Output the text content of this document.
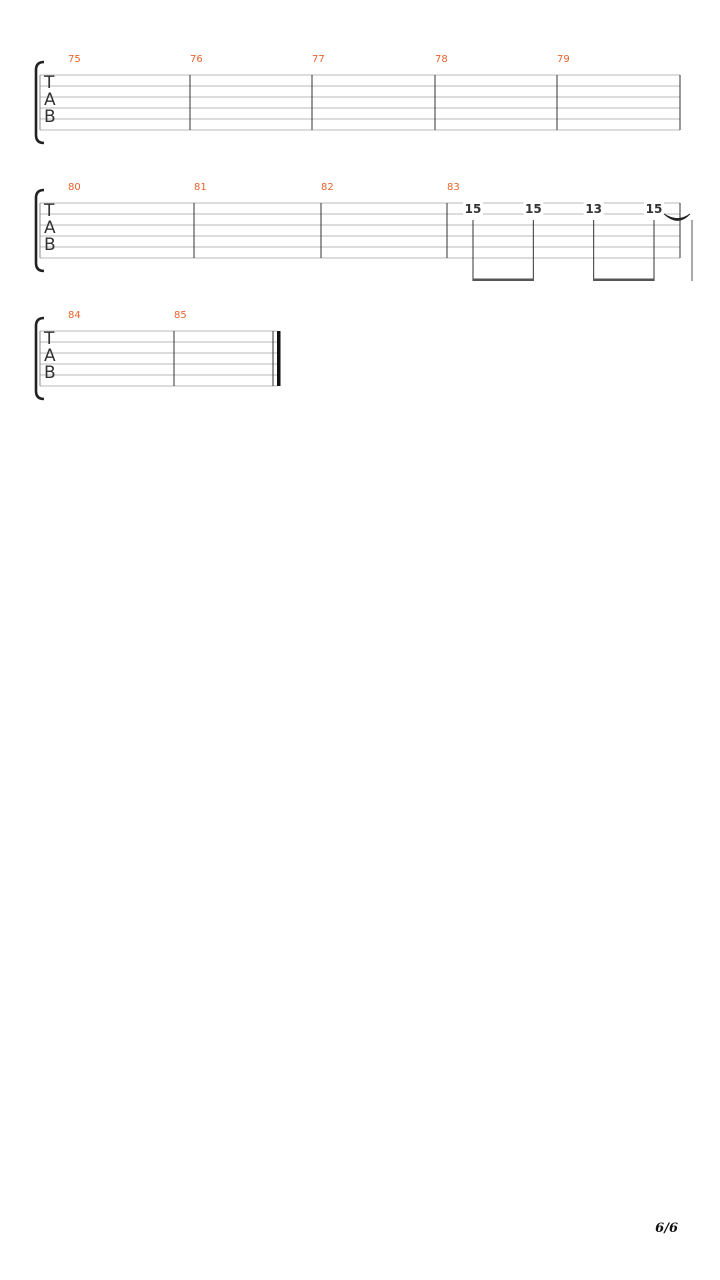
T
A
B
75	76	77	78	79
T
A
B
80	81	82	83
15	15	13	15
T
A
B
84	85
6/6
